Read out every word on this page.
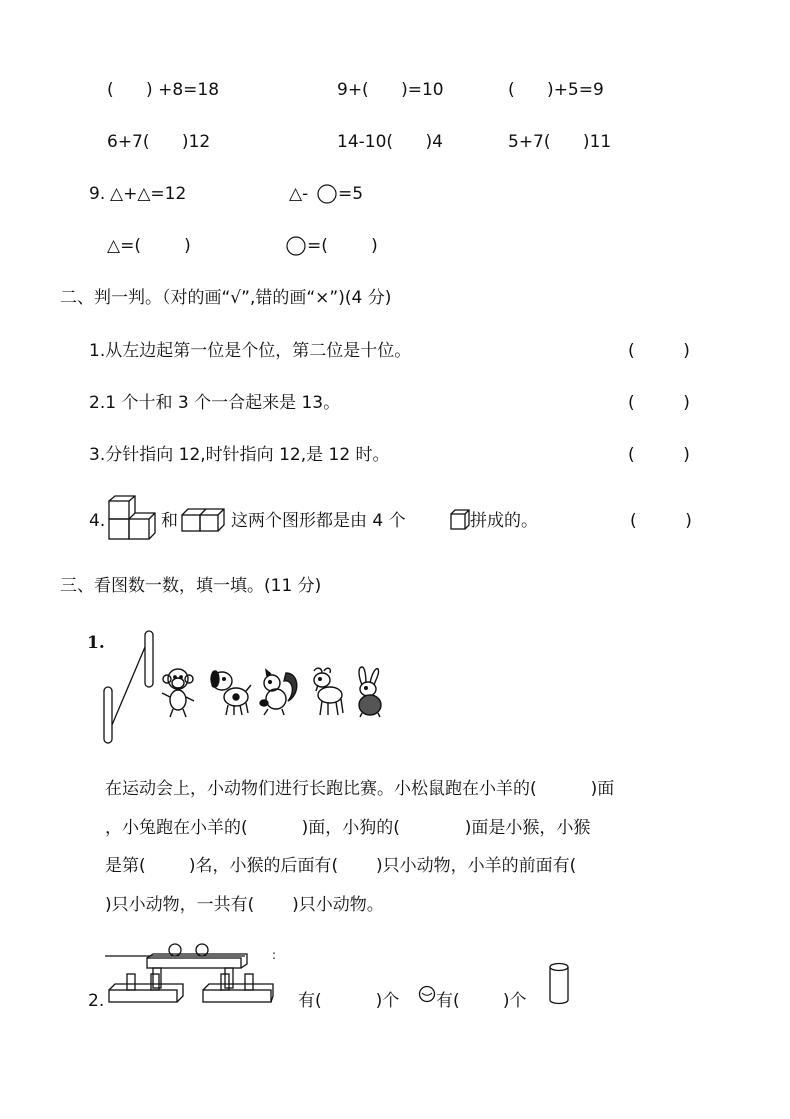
(      ) +8=18	9+(      )=10	(      )+5=9
6+7(      )12	14-10(      )4	5+7(      )11
9. △+△=12	△- =5
△=(        )	=(        )
二、判一判。（对的画“√”,错的画“×”)(4 分)
1.从左边起第一位是个位，第二位是十位。	(         )
2.1 个十和 3 个一合起来是 13。	(         )
3.分针指向 12,时针指向 12,是 12 时。	(         )
4.	和	这两个图形都是由 4 个	拼成的。	(         )
三、看图数一数，填一填。(11 分)
1.
在运动会上，小动物们进行长跑比赛。小松鼠跑在小羊的(          )面
，小兔跑在小羊的(          )面，小狗的(            )面是小猴，小猴
是第(        )名，小猴的后面有(       )只小动物，小羊的前面有(
)只小动物，一共有(       )只小动物。
2.
:
有(          )个 有(        )个
